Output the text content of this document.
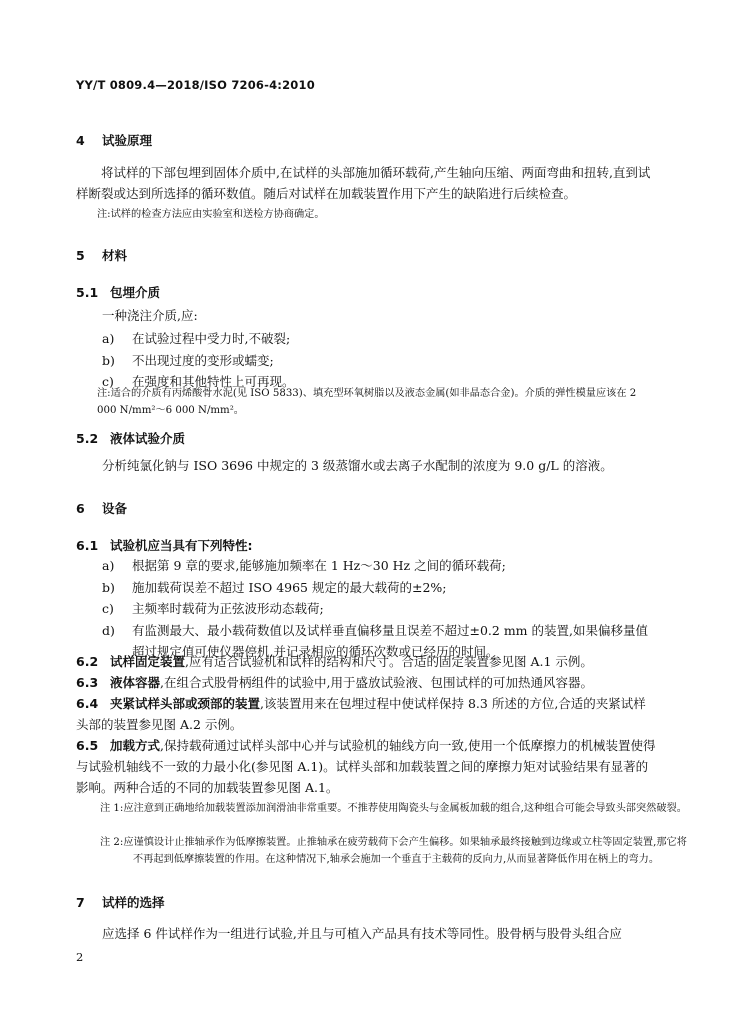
YY/T 0809.4—2018/ISO 7206-4:2010
4 试验原理
将试样的下部包埋到固体介质中,在试样的头部施加循环载荷,产生轴向压缩、两面弯曲和扭转,直到试样断裂或达到所选择的循环数值。随后对试样在加载装置作用下产生的缺陷进行后续检查。
注:试样的检查方法应由实验室和送检方协商确定。
5 材料
5.1 包埋介质
一种浇注介质,应:
a)	在试验过程中受力时,不破裂;
b)	不出现过度的变形或蠕变;
c)	在强度和其他特性上可再现。
注:适合的介质有丙烯酸骨水泥(见 ISO 5833)、填充型环氧树脂以及液态金属(如非晶态合金)。介质的弹性模量应该在 2 000 N/mm²～6 000 N/mm²。
5.2 液体试验介质
分析纯氯化钠与 ISO 3696 中规定的 3 级蒸馏水或去离子水配制的浓度为 9.0 g/L 的溶液。
6 设备
6.1 试验机应当具有下列特性:
a)	根据第 9 章的要求,能够施加频率在 1 Hz～30 Hz 之间的循环载荷;
b)	施加载荷误差不超过 ISO 4965 规定的最大载荷的±2%;
c)	主频率时载荷为正弦波形动态载荷;
d)	有监测最大、最小载荷数值以及试样垂直偏移量且误差不超过±0.2 mm 的装置,如果偏移量值超过规定值可使仪器停机,并记录相应的循环次数或已经历的时间。
6.2 试样固定装置,应有适合试验机和试样的结构和尺寸。合适的固定装置参见图 A.1 示例。
6.3 液体容器,在组合式股骨柄组件的试验中,用于盛放试验液、包围试样的可加热通风容器。
6.4 夹紧试样头部或颈部的装置,该装置用来在包埋过程中使试样保持 8.3 所述的方位,合适的夹紧试样头部的装置参见图 A.2 示例。
6.5 加载方式,保持载荷通过试样头部中心并与试验机的轴线方向一致,使用一个低摩擦力的机械装置使得与试验机轴线不一致的力最小化(参见图 A.1)。试样头部和加载装置之间的摩擦力矩对试验结果有显著的影响。两种合适的不同的加载装置参见图 A.1。
注 1:应注意到正确地给加载装置添加润滑油非常重要。不推荐使用陶瓷头与金属板加载的组合,这种组合可能会导致头部突然破裂。
注 2:应谨慎设计止推轴承作为低摩擦装置。止推轴承在疲劳载荷下会产生偏移。如果轴承最终接触到边缘或立柱等固定装置,那它将不再起到低摩擦装置的作用。在这种情况下,轴承会施加一个垂直于主载荷的反向力,从而显著降低作用在柄上的弯力。
7 试样的选择
应选择 6 件试样作为一组进行试验,并且与可植入产品具有技术等同性。股骨柄与股骨头组合应
2
